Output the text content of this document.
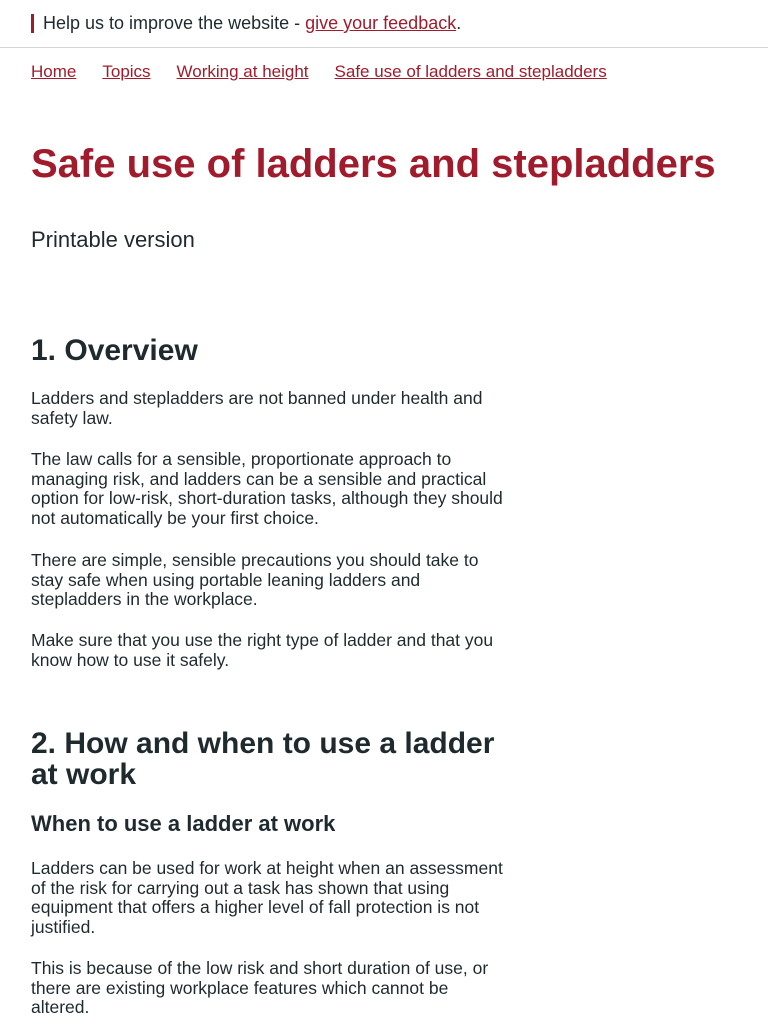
Help us to improve the website - give your feedback.
Home Topics Working at height Safe use of ladders and stepladders
Safe use of ladders and stepladders
Printable version
1. Overview

Ladders and stepladders are not banned under health and safety law.

The law calls for a sensible, proportionate approach to managing risk, and ladders can be a sensible and practical option for low-risk, short-duration tasks, although they should not automatically be your first choice.

There are simple, sensible precautions you should take to stay safe when using portable leaning ladders and stepladders in the workplace.

Make sure that you use the right type of ladder and that you know how to use it safely.

2. How and when to use a ladder at work
When to use a ladder at work

Ladders can be used for work at height when an assessment of the risk for carrying out a task has shown that using equipment that offers a higher level of fall protection is not justified.

This is because of the low risk and short duration of use, or there are existing workplace features which cannot be altered.
